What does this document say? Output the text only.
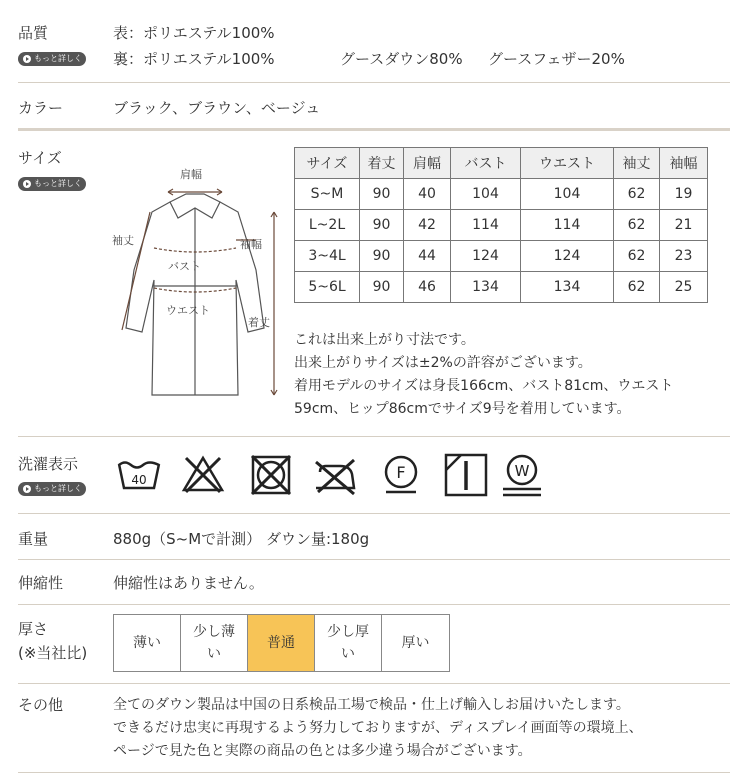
品質
もっと詳しく
表：ポリエステル100%
裏：ポリエステル100%	グースダウン80% グースフェザー20%
カラー	ブラック、ブラウン、ベージュ
サイズ
もっと詳しく
肩幅
袖丈	袖幅
バスト
ウエスト
着丈
サイズ	着丈	肩幅	バスト	ウエスト	袖丈	袖幅
S~M	90	40	104	104	62	19
L~2L	90	42	114	114	62	21
3~4L	90	44	124	124	62	23
5~6L	90	46	134	134	62	25
これは出来上がり寸法です。
出来上がりサイズは±2%の許容がございます。
着用モデルのサイズは身長166cm、バスト81cm、ウエスト
59cm、ヒップ86cmでサイズ9号を着用しています。
洗濯表示
もっと詳しく
40	F	W
重量	880g（S~Mで計測） ダウン量:180g
伸縮性	伸縮性はありません。
厚さ
(※当社比)
薄い
少し薄
い
普通
少し厚
い
厚い
その他	全てのダウン製品は中国の日系検品工場で検品・仕上げ輸入しお届けいたします。
できるだけ忠実に再現するよう努力しておりますが、ディスプレイ画面等の環境上、
ページで見た色と実際の商品の色とは多少違う場合がございます。
